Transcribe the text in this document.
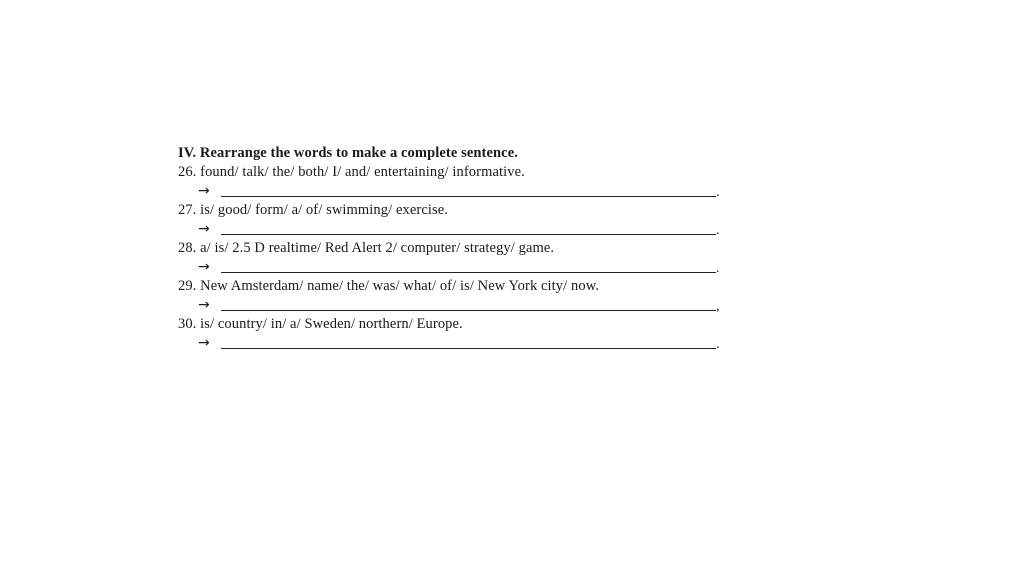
IV. Rearrange the words to make a complete sentence.
26. found/ talk/ the/ both/ I/ and/ entertaining/ informative.
→	.
27. is/ good/ form/ a/ of/ swimming/ exercise.
→	.
28. a/ is/ 2.5 D realtime/ Red Alert 2/ computer/ strategy/ game.
→	.
29. New Amsterdam/ name/ the/ was/ what/ of/ is/ New York city/ now.
→	,
30. is/ country/ in/ a/ Sweden/ northern/ Europe.
→	.
